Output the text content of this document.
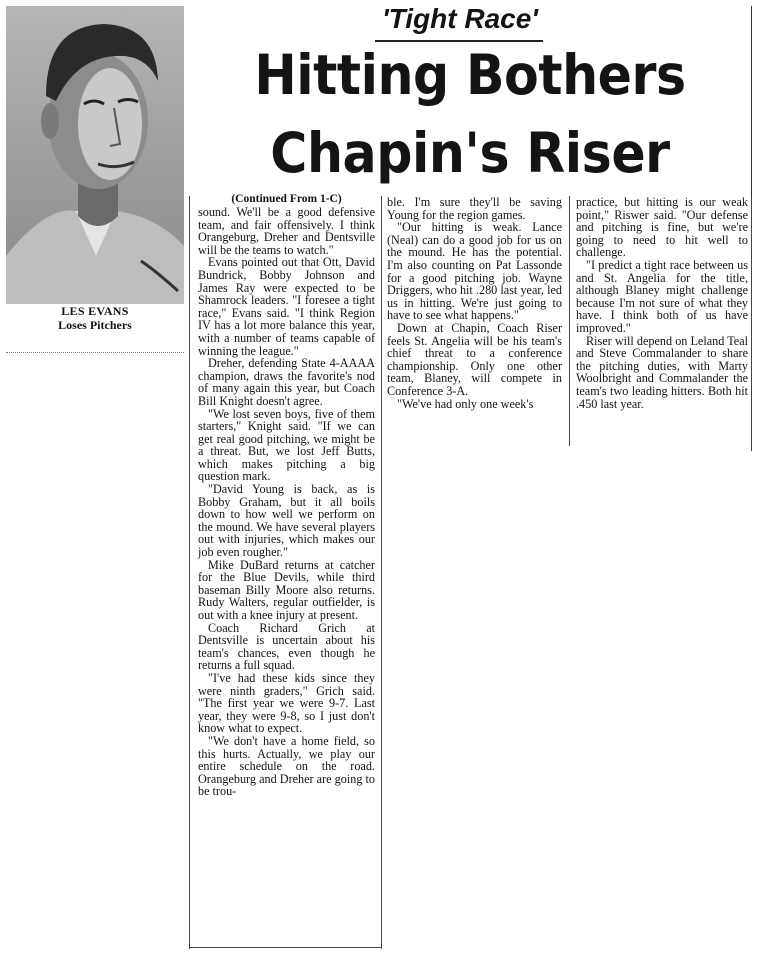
LES EVANS
Loses Pitchers
'Tight Race'
Hitting Bothers
Chapin's Riser
(Continued From 1-C)

sound. We'll be a good defensive team, and fair offensively. I think Orangeburg, Dreher and Dentsville will be the teams to watch."

Evans pointed out that Ott, David Bundrick, Bobby Johnson and James Ray were expected to be Shamrock leaders. "I foresee a tight race," Evans said. "I think Region IV has a lot more balance this year, with a number of teams capable of winning the league."

Dreher, defending State 4-AAAA champion, draws the favorite's nod of many again this year, but Coach Bill Knight doesn't agree.

"We lost seven boys, five of them starters," Knight said. "If we can get real good pitching, we might be a threat. But, we lost Jeff Butts, which makes pitching a big question mark.

"David Young is back, as is Bobby Graham, but it all boils down to how well we perform on the mound. We have several players out with injuries, which makes our job even rougher."

Mike DuBard returns at catcher for the Blue Devils, while third baseman Billy Moore also returns. Rudy Walters, regular outfielder, is out with a knee injury at present.

Coach Richard Grich at Dentsville is uncertain about his team's chances, even though he returns a full squad.

"I've had these kids since they were ninth graders," Grich said. "The first year we were 9-7. Last year, they were 9-8, so I just don't know what to expect.

"We don't have a home field, so this hurts. Actually, we play our entire schedule on the road. Orangeburg and Dreher are going to be trou-

ble. I'm sure they'll be saving Young for the region games.

"Our hitting is weak. Lance (Neal) can do a good job for us on the mound. He has the potential. I'm also counting on Pat Lassonde for a good pitching job. Wayne Driggers, who hit .280 last year, led us in hitting. We're just going to have to see what happens."

Down at Chapin, Coach Riser feels St. Angelia will be his team's chief threat to a conference championship. Only one other team, Blaney, will compete in Conference 3-A.

"We've had only one week's

practice, but hitting is our weak point," Riswer said. "Our defense and pitching is fine, but we're going to need to hit well to challenge.

"I predict a tight race between us and St. Angelia for the title, although Blaney might challenge because I'm not sure of what they have. I think both of us have improved."

Riser will depend on Leland Teal and Steve Commalander to share the pitching duties, with Marty Woolbright and Commalander the team's two leading hitters. Both hit .450 last year.
